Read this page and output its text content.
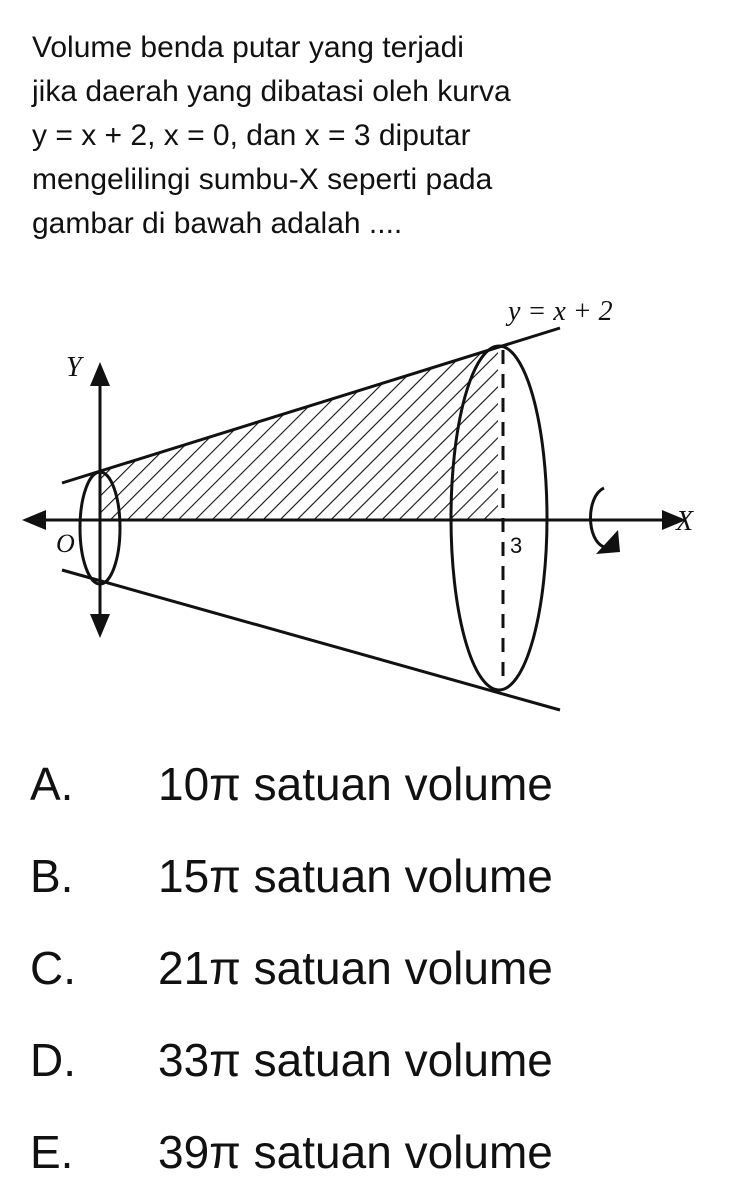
Volume benda putar yang terjadi
jika daerah yang dibatasi oleh kurva
y = x + 2, x = 0, dan x = 3 diputar
mengelilingi sumbu-X seperti pada
gambar di bawah adalah ....
y = x + 2
Y
X
O	3
A.	10π satuan volume
B.	15π satuan volume
C.	21π satuan volume
D.	33π satuan volume
E.	39π satuan volume
